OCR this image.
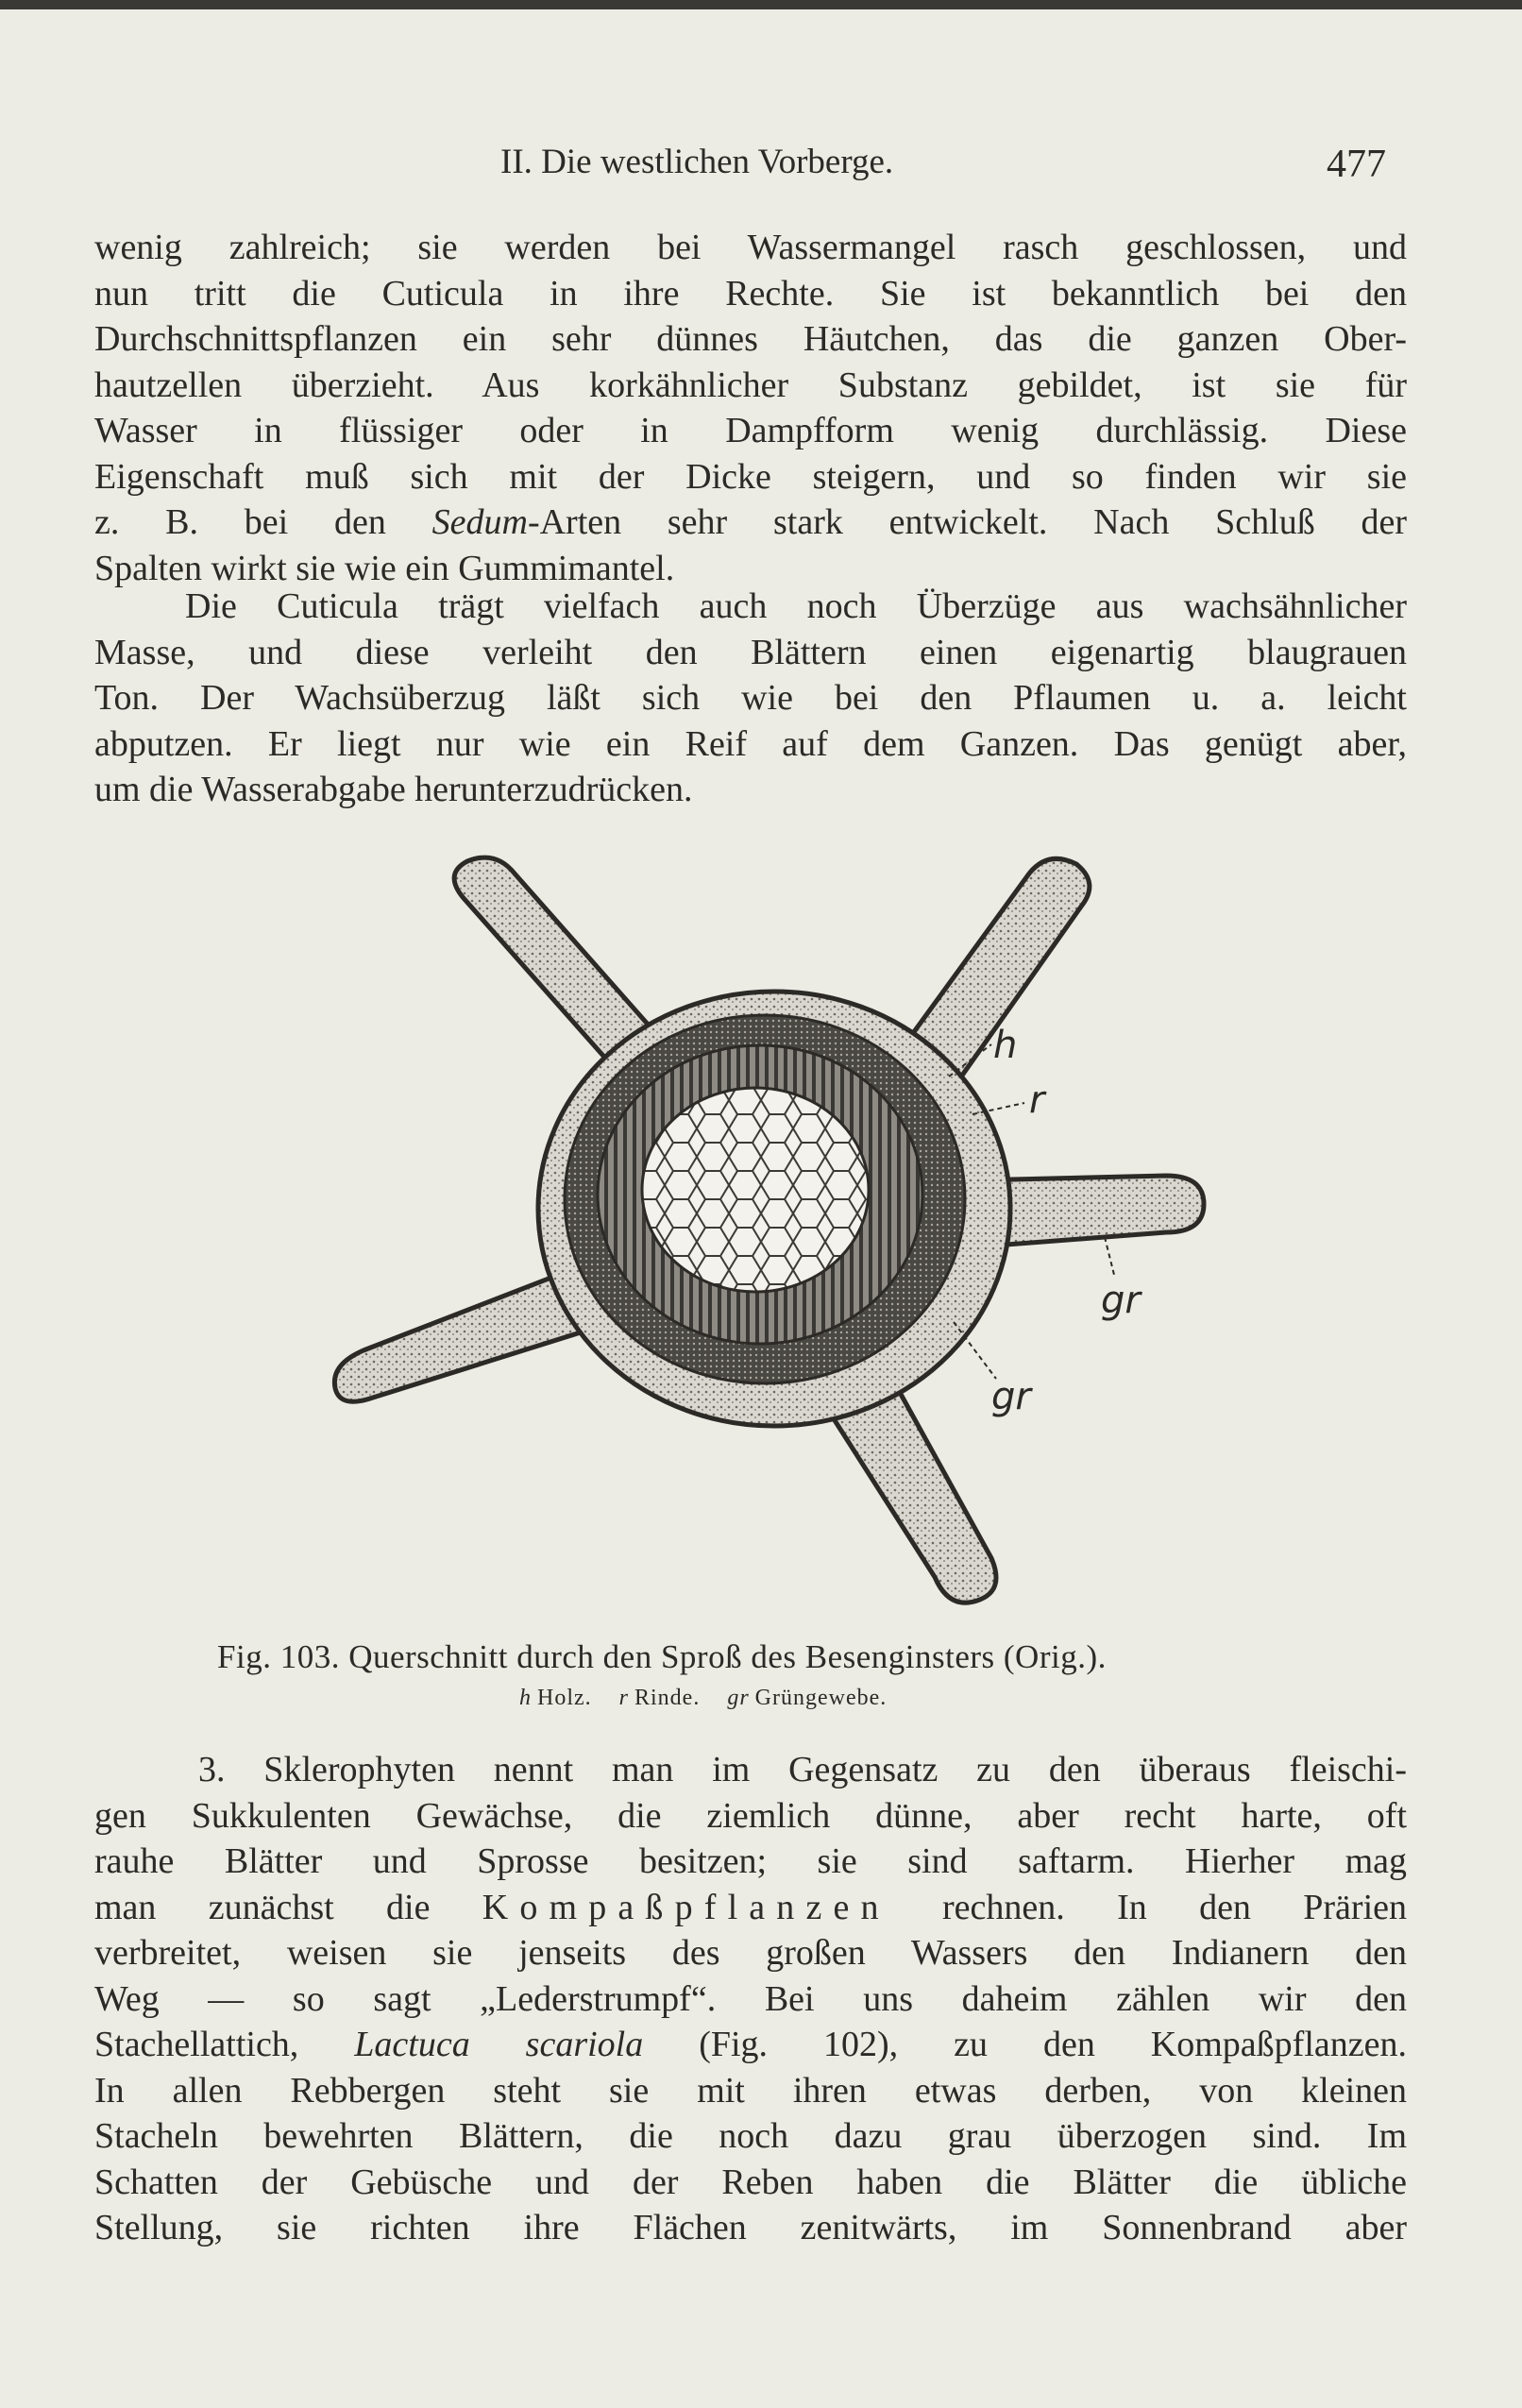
II. Die westlichen Vorberge.	477
wenig zahlreich; sie werden bei Wassermangel rasch geschlossen, und
nun tritt die Cuticula in ihre Rechte. Sie ist bekanntlich bei den
Durchschnittspflanzen ein sehr dünnes Häutchen, das die ganzen Ober-
hautzellen überzieht. Aus korkähnlicher Substanz gebildet, ist sie für
Wasser in flüssiger oder in Dampfform wenig durchlässig. Diese
Eigenschaft muß sich mit der Dicke steigern, und so finden wir sie
z. B. bei den Sedum-Arten sehr stark entwickelt. Nach Schluß der
Spalten wirkt sie wie ein Gummimantel.
Die Cuticula trägt vielfach auch noch Überzüge aus wachsähnlicher
Masse, und diese verleiht den Blättern einen eigenartig blaugrauen
Ton. Der Wachsüberzug läßt sich wie bei den Pflaumen u. a. leicht
abputzen. Er liegt nur wie ein Reif auf dem Ganzen. Das genügt aber,
um die Wasserabgabe herunterzudrücken.
h
r
gr
gr
Fig. 103. Querschnitt durch den Sproß des Besenginsters (Orig.).
h Holz. r Rinde. gr Grüngewebe.
3. Sklerophyten nennt man im Gegensatz zu den überaus fleischi-
gen Sukkulenten Gewächse, die ziemlich dünne, aber recht harte, oft
rauhe Blätter und Sprosse besitzen; sie sind saftarm. Hierher mag
man zunächst die Kompaßpflanzen rechnen. In den Prärien
verbreitet, weisen sie jenseits des großen Wassers den Indianern den
Weg — so sagt „Lederstrumpf“. Bei uns daheim zählen wir den
Stachellattich, Lactuca scariola (Fig. 102), zu den Kompaßpflanzen.
In allen Rebbergen steht sie mit ihren etwas derben, von kleinen
Stacheln bewehrten Blättern, die noch dazu grau überzogen sind. Im
Schatten der Gebüsche und der Reben haben die Blätter die übliche
Stellung, sie richten ihre Flächen zenitwärts, im Sonnenbrand aber
